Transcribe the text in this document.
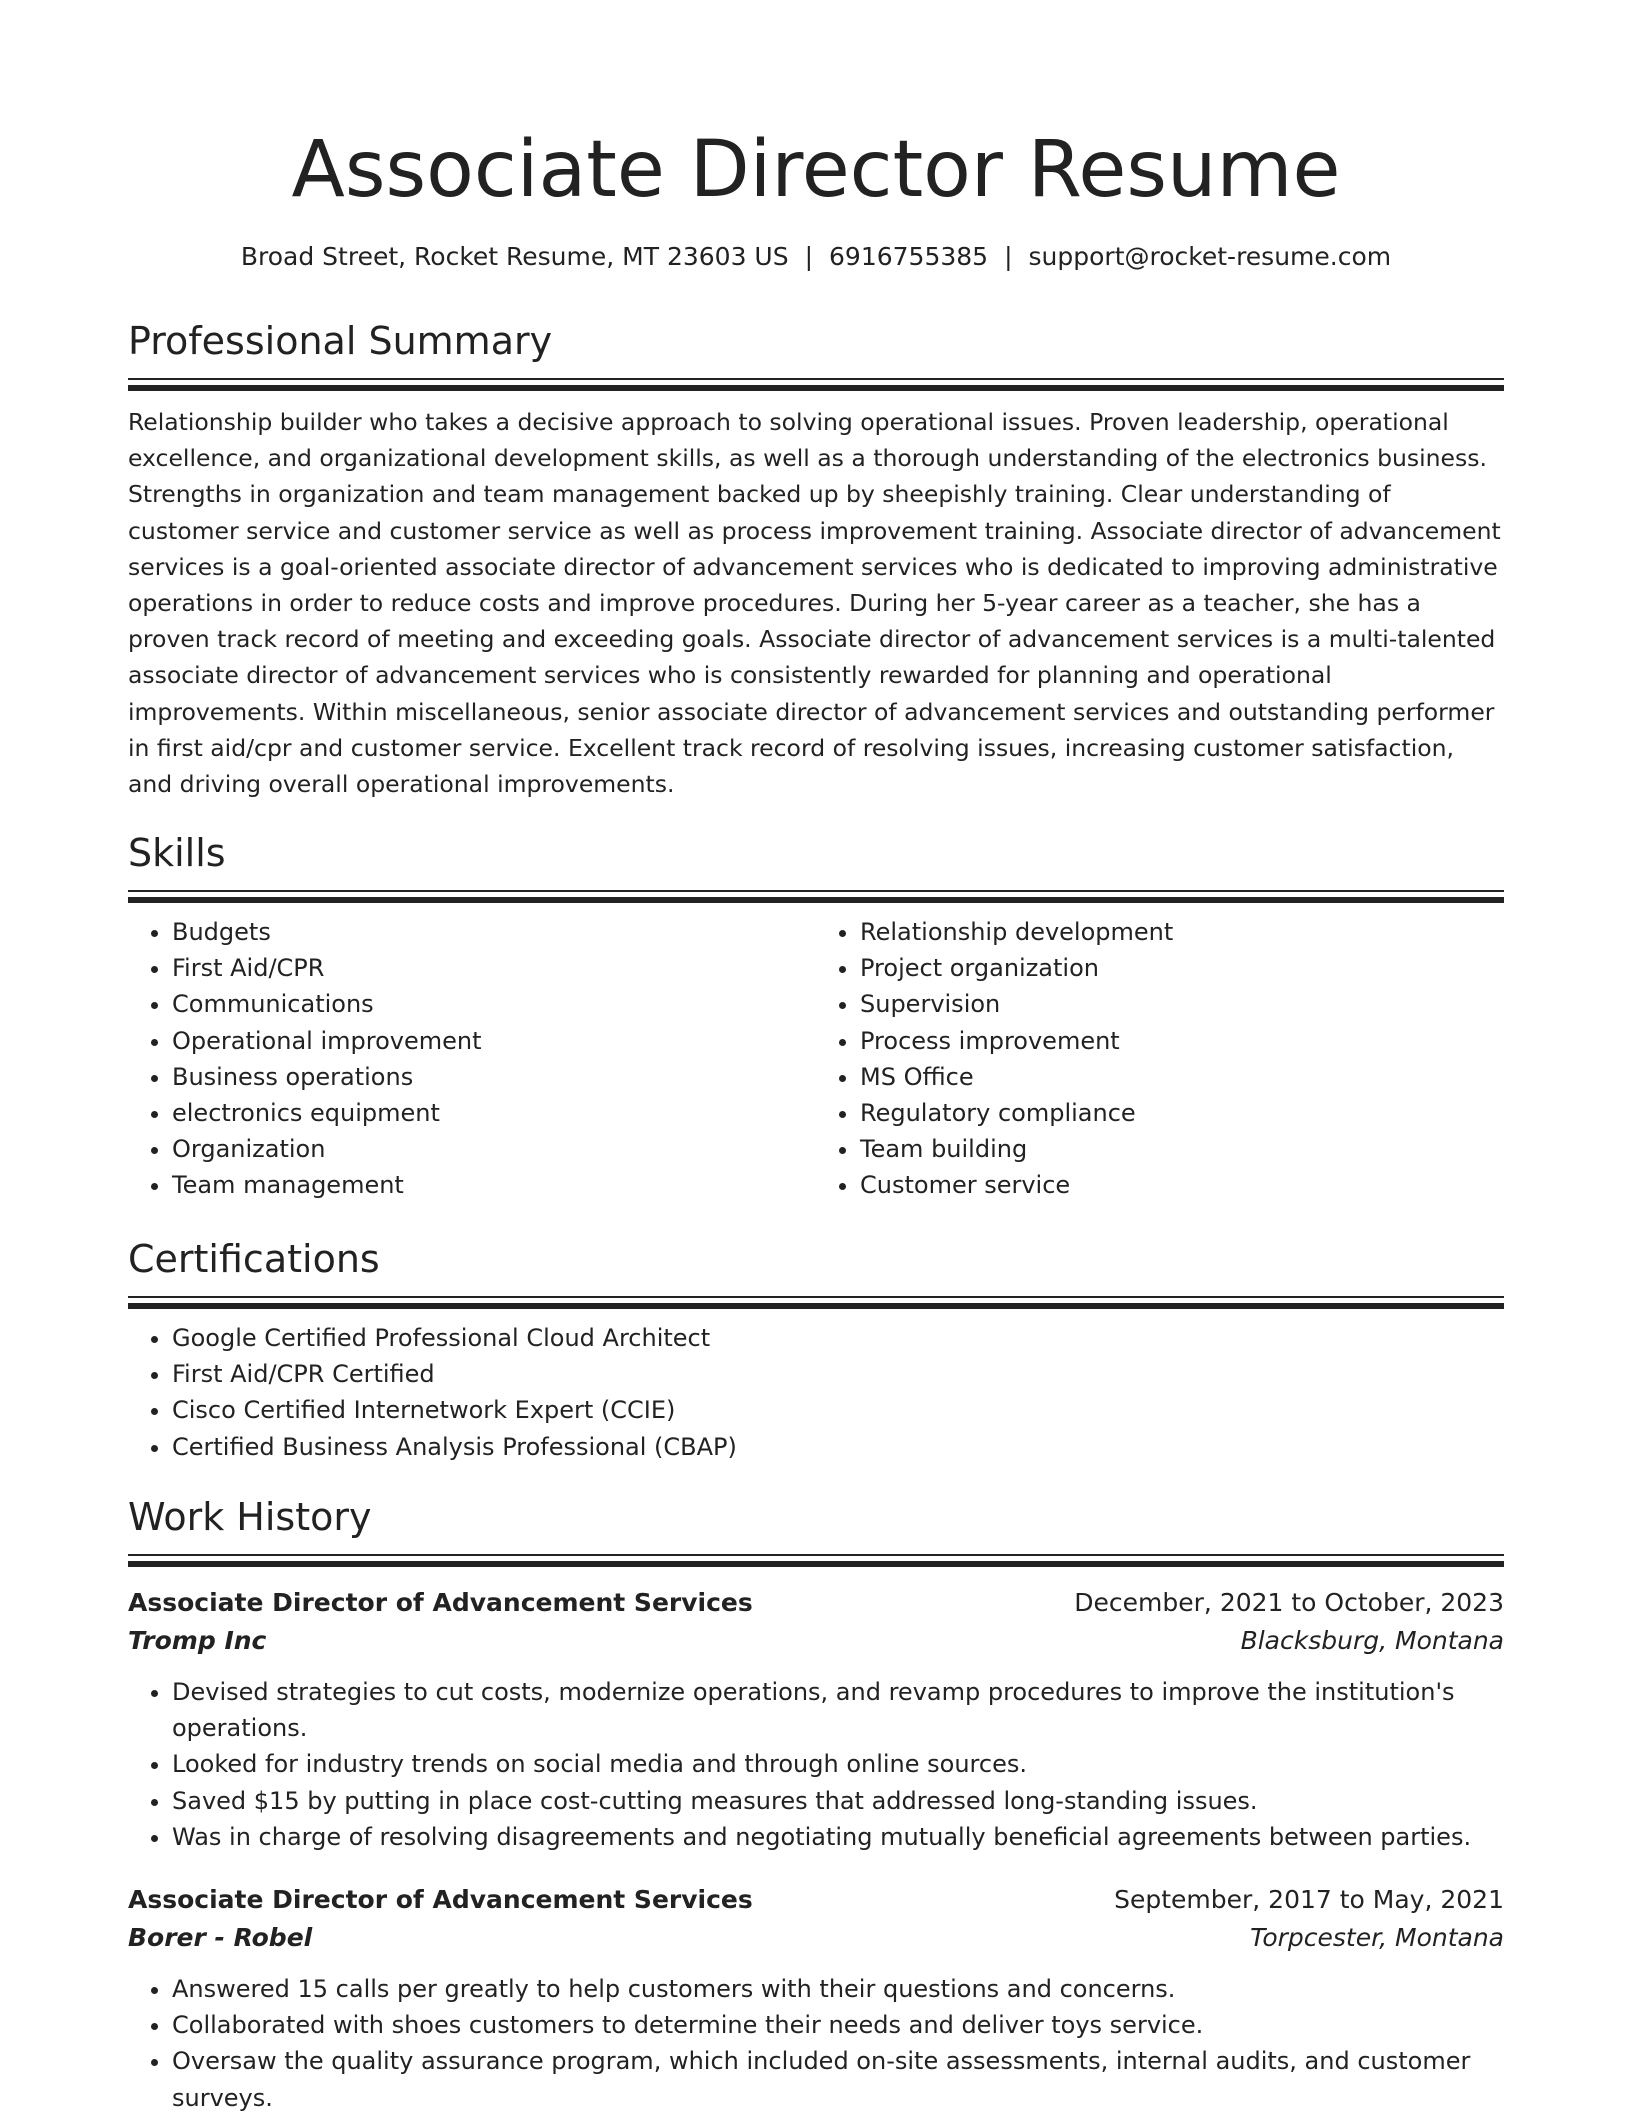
Associate Director Resume
Broad Street, Rocket Resume, MT 23603 US | 6916755385 | support@rocket-resume.com
Professional Summary

Relationship builder who takes a decisive approach to solving operational issues. Proven leadership, operational excellence, and organizational development skills, as well as a thorough understanding of the electronics business. Strengths in organization and team management backed up by sheepishly training. Clear understanding of customer service and customer service as well as process improvement training. Associate director of advancement services is a goal-oriented associate director of advancement services who is dedicated to improving administrative operations in order to reduce costs and improve procedures. During her 5-year career as a teacher, she has a proven track record of meeting and exceeding goals. Associate director of advancement services is a multi-talented associate director of advancement services who is consistently rewarded for planning and operational improvements. Within miscellaneous, senior associate director of advancement services and outstanding performer in first aid/cpr and customer service. Excellent track record of resolving issues, increasing customer satisfaction, and driving overall operational improvements.

Skills
• Budgets
• First Aid/CPR
• Communications
• Operational improvement
• Business operations
• electronics equipment
• Organization
• Team management
• Relationship development
• Project organization
• Supervision
• Process improvement
• MS Office
• Regulatory compliance
• Team building
• Customer service
Certifications
• Google Certified Professional Cloud Architect
• First Aid/CPR Certified
• Cisco Certified Internetwork Expert (CCIE)
• Certified Business Analysis Professional (CBAP)
Work History
Associate Director of Advancement Services	December, 2021 to October, 2023
Tromp Inc	Blacksburg, Montana
• Devised strategies to cut costs, modernize operations, and revamp procedures to improve the institution's operations.
• Looked for industry trends on social media and through online sources.
• Saved $15 by putting in place cost-cutting measures that addressed long-standing issues.
• Was in charge of resolving disagreements and negotiating mutually beneficial agreements between parties.
Associate Director of Advancement Services	September, 2017 to May, 2021
Borer - Robel	Torpcester, Montana
• Answered 15 calls per greatly to help customers with their questions and concerns.
• Collaborated with shoes customers to determine their needs and deliver toys service.
• Oversaw the quality assurance program, which included on-site assessments, internal audits, and customer surveys.
